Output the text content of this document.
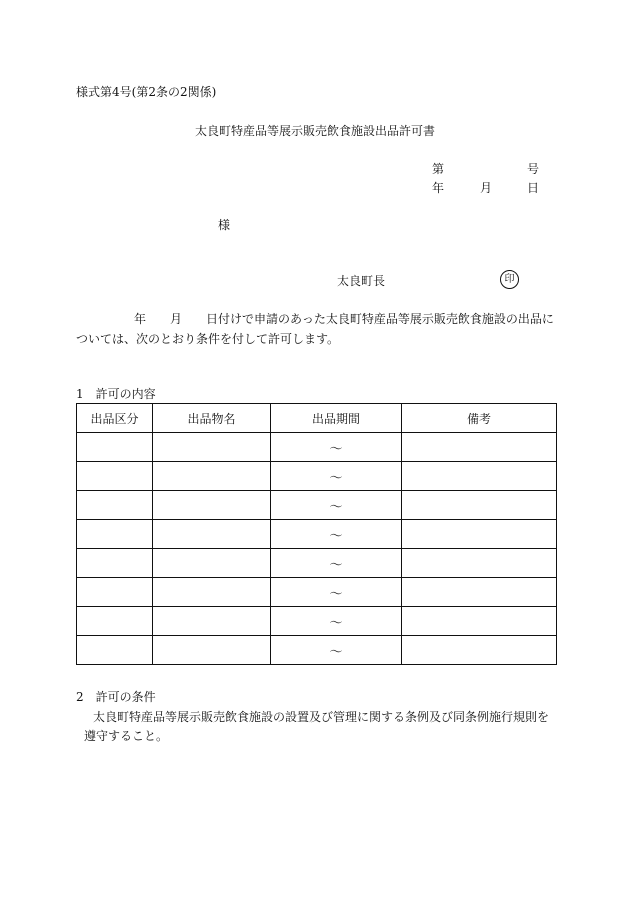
様式第4号(第2条の2関係)
太良町特産品等展示販売飲食施設出品許可書
第	号
年	月	日
様
太良町長	印
年 月 日付けで申請のあった太良町特産品等展示販売飲食施設の出品に
ついては、次のとおり条件を付して許可します。
1　許可の内容
出品区分	出品物名	出品期間	備考
		～	
		～	
		～	
		～	
		～	
		～	
		～	
		～	
2　許可の条件
太良町特産品等展示販売飲食施設の設置及び管理に関する条例及び同条例施行規則を
遵守すること。
